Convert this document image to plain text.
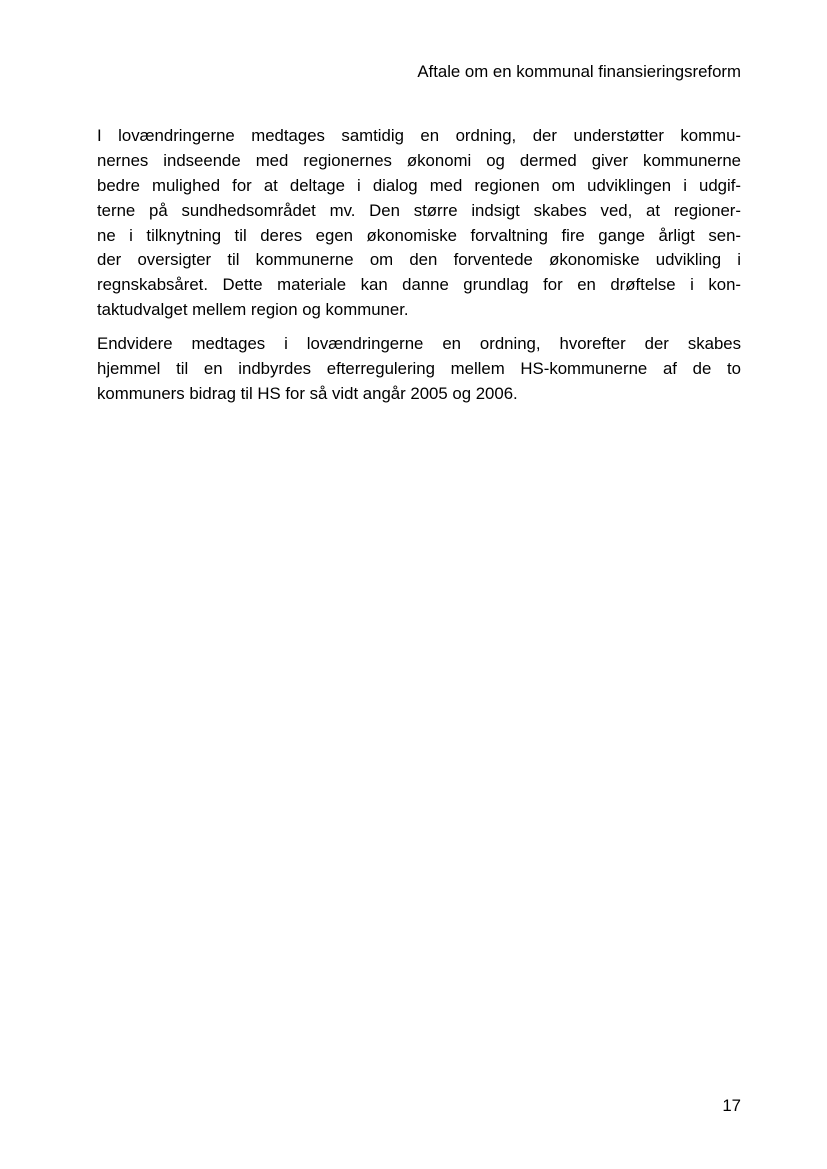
Aftale om en kommunal finansieringsreform
I lovændringerne medtages samtidig en ordning, der understøtter kommu-
nernes indseende med regionernes økonomi og dermed giver kommunerne
bedre mulighed for at deltage i dialog med regionen om udviklingen i udgif-
terne på sundhedsområdet mv. Den større indsigt skabes ved, at regioner-
ne i tilknytning til deres egen økonomiske forvaltning fire gange årligt sen-
der oversigter til kommunerne om den forventede økonomiske udvikling i
regnskabsåret. Dette materiale kan danne grundlag for en drøftelse i kon-
taktudvalget mellem region og kommuner.
Endvidere medtages i lovændringerne en ordning, hvorefter der skabes
hjemmel til en indbyrdes efterregulering mellem HS-kommunerne af de to
kommuners bidrag til HS for så vidt angår 2005 og 2006.
17
